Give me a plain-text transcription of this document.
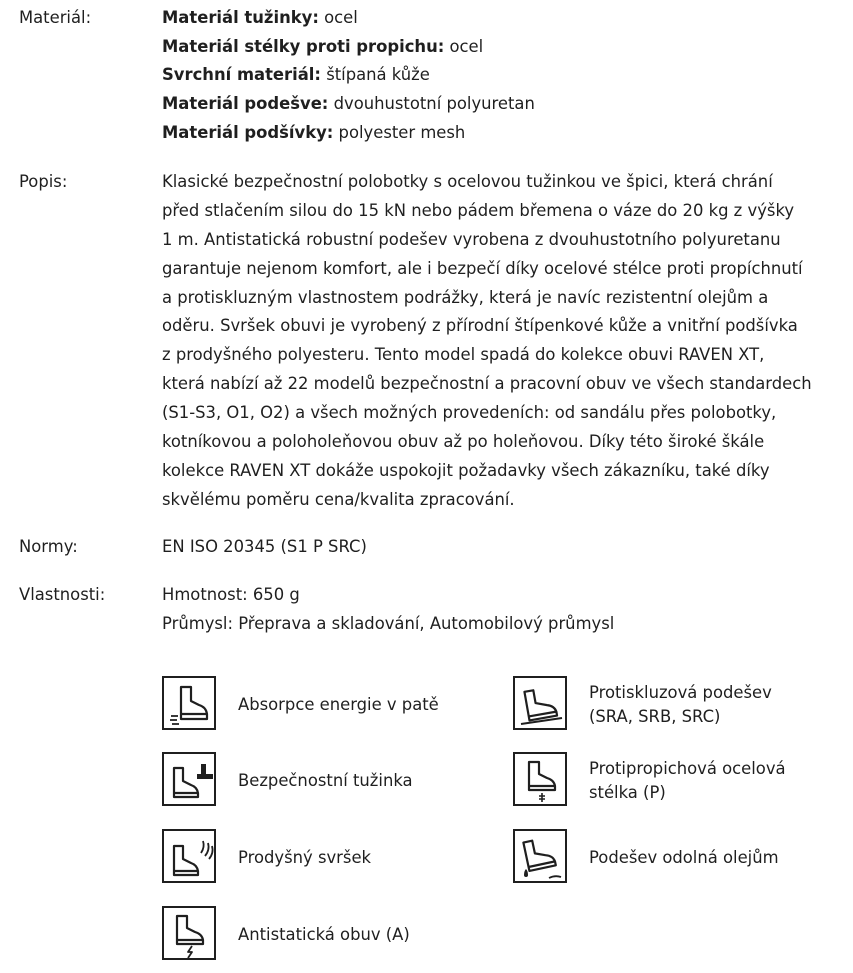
Materiál:	Materiál tužinky: ocel
Materiál stélky proti propichu: ocel
Svrchní materiál: štípaná kůže
Materiál podešve: dvouhustotní polyuretan
Materiál podšívky: polyester mesh
Popis:	Klasické bezpečnostní polobotky s ocelovou tužinkou ve špici, která chrání
před stlačením silou do 15 kN nebo pádem břemena o váze do 20 kg z výšky
1 m. Antistatická robustní podešev vyrobena z dvouhustotního polyuretanu
garantuje nejenom komfort, ale i bezpečí díky ocelové stélce proti propíchnutí
a protiskluzným vlastnostem podrážky, která je navíc rezistentní olejům a
oděru. Svršek obuvi je vyrobený z přírodní štípenkové kůže a vnitřní podšívka
z prodyšného polyesteru. Tento model spadá do kolekce obuvi RAVEN XT,
která nabízí až 22 modelů bezpečnostní a pracovní obuv ve všech standardech
(S1-S3, O1, O2) a všech možných provedeních: od sandálu přes polobotky,
kotníkovou a poloholeňovou obuv až po holeňovou. Díky této široké škále
kolekce RAVEN XT dokáže uspokojit požadavky všech zákazníku, také díky
skvělému poměru cena/kvalita zpracování.
Normy:	EN ISO 20345 (S1 P SRC)
Vlastnosti:	Hmotnost: 650 g
Průmysl: Přeprava a skladování, Automobilový průmysl
Absorpce energie v patě
Protiskluzová podešev
(SRA, SRB, SRC)
Bezpečnostní tužinka
Protipropichová ocelová
stélka (P)
Prodyšný svršek	Podešev odolná olejům
Antistatická obuv (A)
